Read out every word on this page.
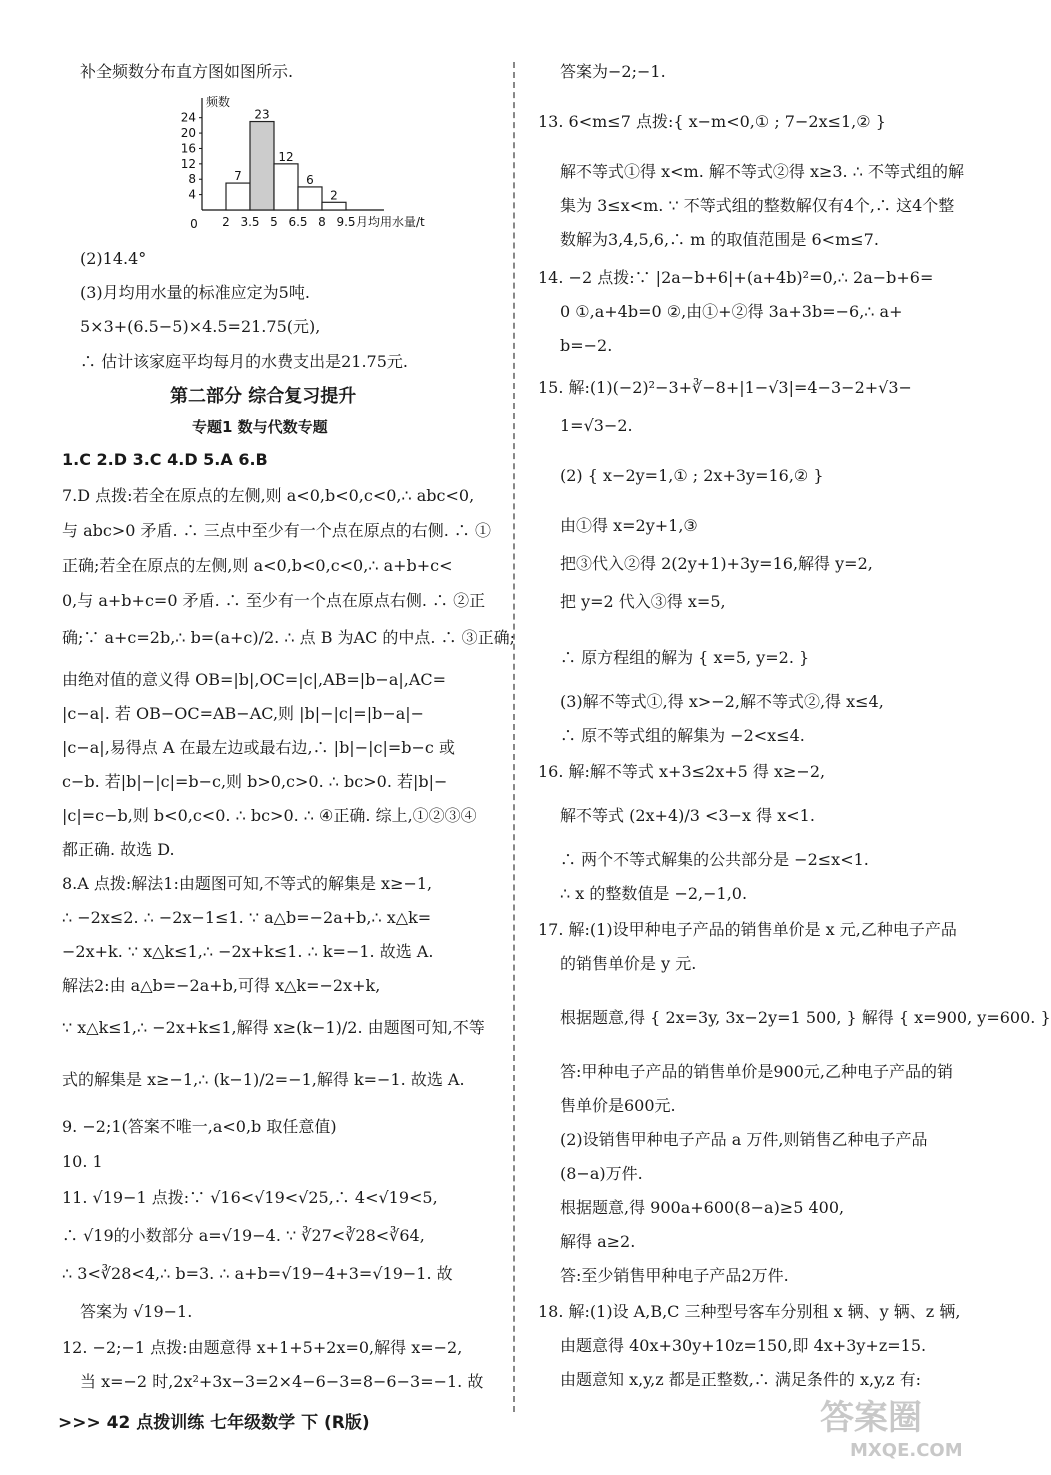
补全频数分布直方图如图所示.
4
8
12
16
20
24
0
频数
7
23
12
6
2
2 3.5 5 6.5 8 9.5 月均用水量/t
(2)14.4°
(3)月均用水量的标准应定为5吨.
5×3+(6.5−5)×4.5=21.75(元),
∴ 估计该家庭平均每月的水费支出是21.75元.
第二部分 综合复习提升
专题1 数与代数专题
1.C 2.D 3.C 4.D 5.A 6.B
7.D 点拨:若全在原点的左侧,则 a<0,b<0,c<0,∴ abc<0,
与 abc>0 矛盾. ∴ 三点中至少有一个点在原点的右侧. ∴ ①
正确;若全在原点的左侧,则 a<0,b<0,c<0,∴ a+b+c<
0,与 a+b+c=0 矛盾. ∴ 至少有一个点在原点右侧. ∴ ②正
确;∵ a+c=2b,∴ b=(a+c)/2. ∴ 点 B 为AC 的中点. ∴ ③正确;
由绝对值的意义得 OB=|b|,OC=|c|,AB=|b−a|,AC=
|c−a|. 若 OB−OC=AB−AC,则 |b|−|c|=|b−a|−
|c−a|,易得点 A 在最左边或最右边,∴ |b|−|c|=b−c 或
c−b. 若|b|−|c|=b−c,则 b>0,c>0. ∴ bc>0. 若|b|−
|c|=c−b,则 b<0,c<0. ∴ bc>0. ∴ ④正确. 综上,①②③④
都正确. 故选 D.
8.A 点拨:解法1:由题图可知,不等式的解集是 x≥−1,
∴ −2x≤2. ∴ −2x−1≤1. ∵ a△b=−2a+b,∴ x△k=
−2x+k. ∵ x△k≤1,∴ −2x+k≤1. ∴ k=−1. 故选 A.
解法2:由 a△b=−2a+b,可得 x△k=−2x+k,
∵ x△k≤1,∴ −2x+k≤1,解得 x≥(k−1)/2. 由题图可知,不等
式的解集是 x≥−1,∴ (k−1)/2=−1,解得 k=−1. 故选 A.
9. −2;1(答案不唯一,a<0,b 取任意值)
10. 1
11. √19−1 点拨:∵ √16<√19<√25,∴ 4<√19<5,
∴ √19的小数部分 a=√19−4. ∵ ∛27<∛28<∛64,
∴ 3<∛28<4,∴ b=3. ∴ a+b=√19−4+3=√19−1. 故
答案为 √19−1.
12. −2;−1 点拨:由题意得 x+1+5+2x=0,解得 x=−2,
当 x=−2 时,2x²+3x−3=2×4−6−3=8−6−3=−1. 故
答案为−2;−1.
13. 6<m≤7 点拨:{ x−m<0,① ; 7−2x≤1,② }
解不等式①得 x<m. 解不等式②得 x≥3. ∴ 不等式组的解
集为 3≤x<m. ∵ 不等式组的整数解仅有4个,∴ 这4个整
数解为3,4,5,6,∴ m 的取值范围是 6<m≤7.
14. −2 点拨:∵ |2a−b+6|+(a+4b)²=0,∴ 2a−b+6=
0 ①,a+4b=0 ②,由①+②得 3a+3b=−6,∴ a+
b=−2.
15. 解:(1)(−2)²−3+∛−8+|1−√3|=4−3−2+√3−
1=√3−2.
(2) { x−2y=1,① ; 2x+3y=16,② }
由①得 x=2y+1,③
把③代入②得 2(2y+1)+3y=16,解得 y=2,
把 y=2 代入③得 x=5,
∴ 原方程组的解为 { x=5, y=2. }
(3)解不等式①,得 x>−2,解不等式②,得 x≤4,
∴ 原不等式组的解集为 −2<x≤4.
16. 解:解不等式 x+3≤2x+5 得 x≥−2,
解不等式 (2x+4)/3 <3−x 得 x<1.
∴ 两个不等式解集的公共部分是 −2≤x<1.
∴ x 的整数值是 −2,−1,0.
17. 解:(1)设甲种电子产品的销售单价是 x 元,乙种电子产品
的销售单价是 y 元.
根据题意,得 { 2x=3y, 3x−2y=1 500, } 解得 { x=900, y=600. }
答:甲种电子产品的销售单价是900元,乙种电子产品的销
售单价是600元.
(2)设销售甲种电子产品 a 万件,则销售乙种电子产品
(8−a)万件.
根据题意,得 900a+600(8−a)≥5 400,
解得 a≥2.
答:至少销售甲种电子产品2万件.
18. 解:(1)设 A,B,C 三种型号客车分别租 x 辆、y 辆、z 辆,
由题意得 40x+30y+10z=150,即 4x+3y+z=15.
由题意知 x,y,z 都是正整数,∴ 满足条件的 x,y,z 有:
>>> 42 点拨训练 七年级数学 下 (R版)	答案圈
MXQE.COM
